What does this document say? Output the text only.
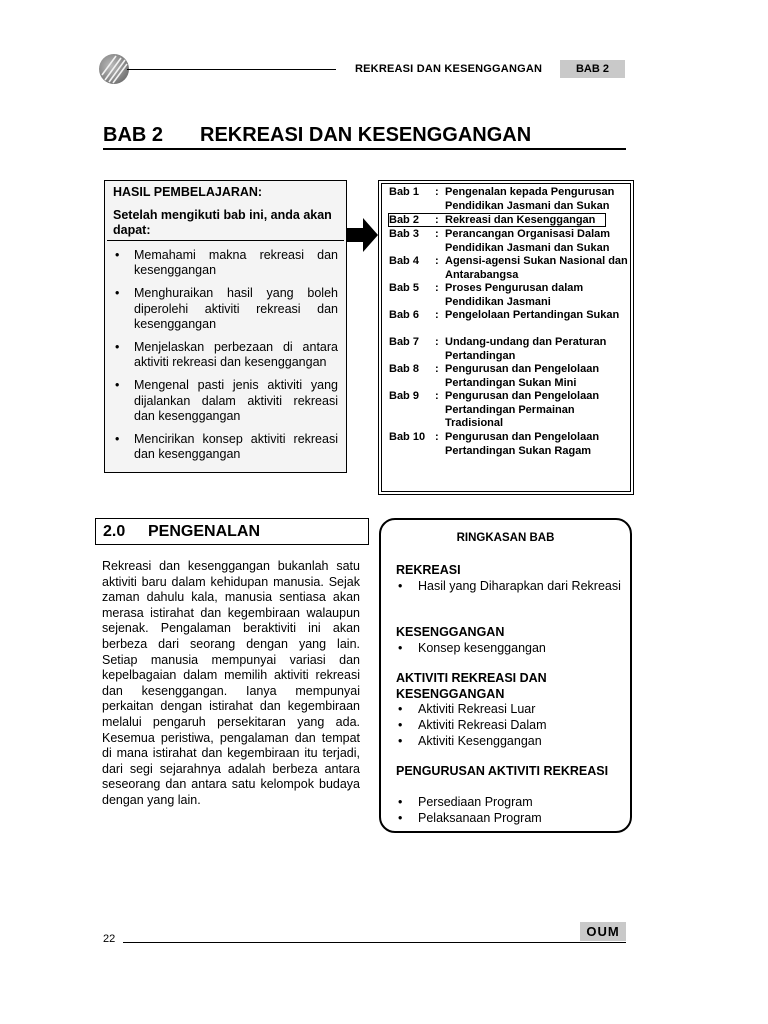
REKREASI DAN KESENGGANGAN	BAB 2
BAB 2 REKREASI DAN KESENGGANGAN
HASIL PEMBELAJARAN:
Setelah mengikuti bab ini, anda akan dapat:
• Memahami makna rekreasi dan kesenggangan
• Menghuraikan hasil yang boleh diperolehi aktiviti rekreasi dan kesenggangan
• Menjelaskan perbezaan di antara aktiviti rekreasi dan kesenggangan
• Mengenal pasti jenis aktiviti yang dijalankan dalam aktiviti rekreasi dan kesenggangan
• Mencirikan konsep aktiviti rekreasi dan kesenggangan
Bab 1 : Pengenalan kepada Pengurusan Pendidikan Jasmani dan Sukan
Bab 2 : Rekreasi dan Kesenggangan
Bab 3 : Perancangan Organisasi Dalam Pendidikan Jasmani dan Sukan
Bab 4 : Agensi-agensi Sukan Nasional dan Antarabangsa
Bab 5 : Proses Pengurusan dalam Pendidikan Jasmani
Bab 6 : Pengelolaan Pertandingan Sukan
Bab 7 : Undang-undang dan Peraturan Pertandingan
Bab 8 : Pengurusan dan Pengelolaan Pertandingan Sukan Mini
Bab 9 : Pengurusan dan Pengelolaan Pertandingan Permainan Tradisional
Bab 10 : Pengurusan dan Pengelolaan Pertandingan Sukan Ragam
2.0 PENGENALAN
Rekreasi dan kesenggangan bukanlah satu aktiviti baru dalam kehidupan manusia. Sejak zaman dahulu kala, manusia sentiasa akan merasa istirahat dan kegembiraan walaupun sejenak. Pengalaman beraktiviti ini akan berbeza dari seorang dengan yang lain. Setiap manusia mempunyai variasi dan kepelbagaian dalam memilih aktiviti rekreasi dan kesenggangan. Ianya mempunyai perkaitan dengan istirahat dan kegembiraan melalui pengaruh persekitaran yang ada. Kesemua peristiwa, pengalaman dan tempat di mana istirahat dan kegembiraan itu terjadi, dari segi sejarahnya adalah berbeza antara seseorang dan antara satu kelompok budaya dengan yang lain.
RINGKASAN BAB
REKREASI
• Hasil yang Diharapkan dari Rekreasi
KESENGGANGAN
• Konsep kesenggangan
AKTIVITI REKREASI DAN KESENGGANGAN
• Aktiviti Rekreasi Luar
• Aktiviti Rekreasi Dalam
• Aktiviti Kesenggangan
PENGURUSAN AKTIVITI REKREASI
• Persediaan Program
• Pelaksanaan Program
22	OUM
